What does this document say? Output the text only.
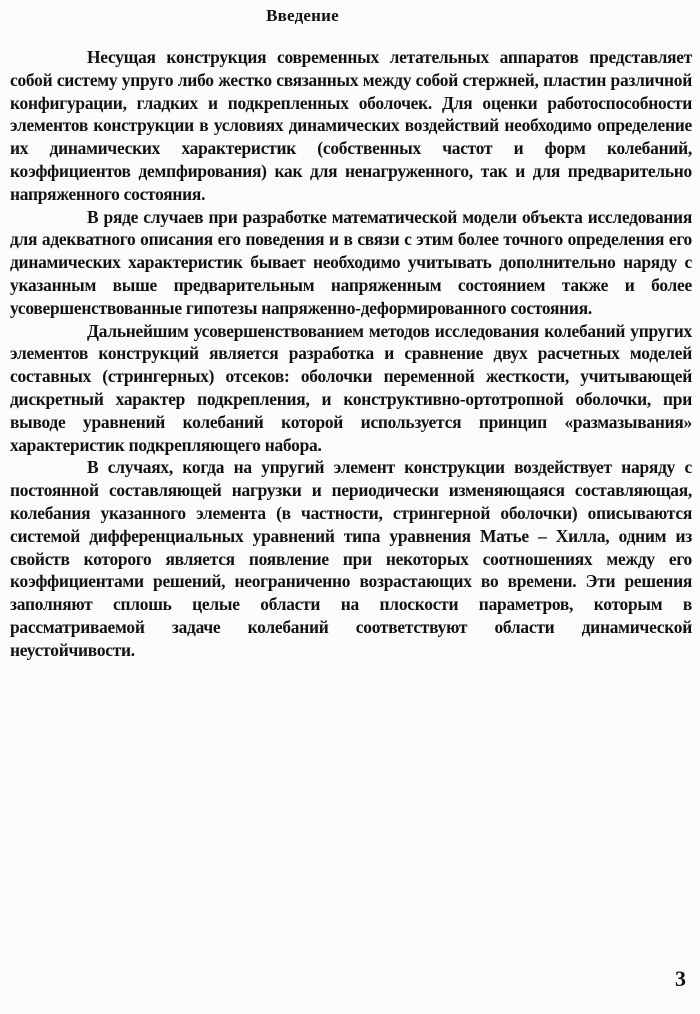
Введение

Несущая конструкция современных летательных аппаратов представляет собой систему упруго либо жестко связанных между собой стержней, пластин различной конфигурации, гладких и подкрепленных оболочек. Для оценки работоспособности элементов конструкции в условиях динамических воздействий необходимо определение их динамических характеристик (собственных частот и форм колебаний, коэффициентов демпфирования) как для ненагруженного, так и для предварительно напряженного состояния.

В ряде случаев при разработке математической модели объекта исследования для адекватного описания его поведения и в связи с этим более точного определения его динамических характеристик бывает необходимо учитывать дополнительно наряду с указанным выше предварительным напряженным состоянием также и более усовершенствованные гипотезы напряженно-деформированного состояния.

Дальнейшим усовершенствованием методов исследования колебаний упругих элементов конструкций является разработка и сравнение двух расчетных моделей составных (стрингерных) отсеков: оболочки переменной жесткости, учитывающей дискретный характер подкрепления, и конструктивно-ортотропной оболочки, при выводе уравнений колебаний которой используется принцип «размазывания» характеристик подкрепляющего набора.

В случаях, когда на упругий элемент конструкции воздействует наряду с постоянной составляющей нагрузки и периодически изменяющаяся составляющая, колебания указанного элемента (в частности, стрингерной оболочки) описываются системой дифференциальных уравнений типа уравнения Матье – Хилла, одним из свойств которого является появление при некоторых соотношениях между его коэффициентами решений, неограниченно возрастающих во времени. Эти решения заполняют сплошь целые области на плоскости параметров, которым в рассматриваемой задаче колебаний соответствуют области динамической неустойчивости.

3
